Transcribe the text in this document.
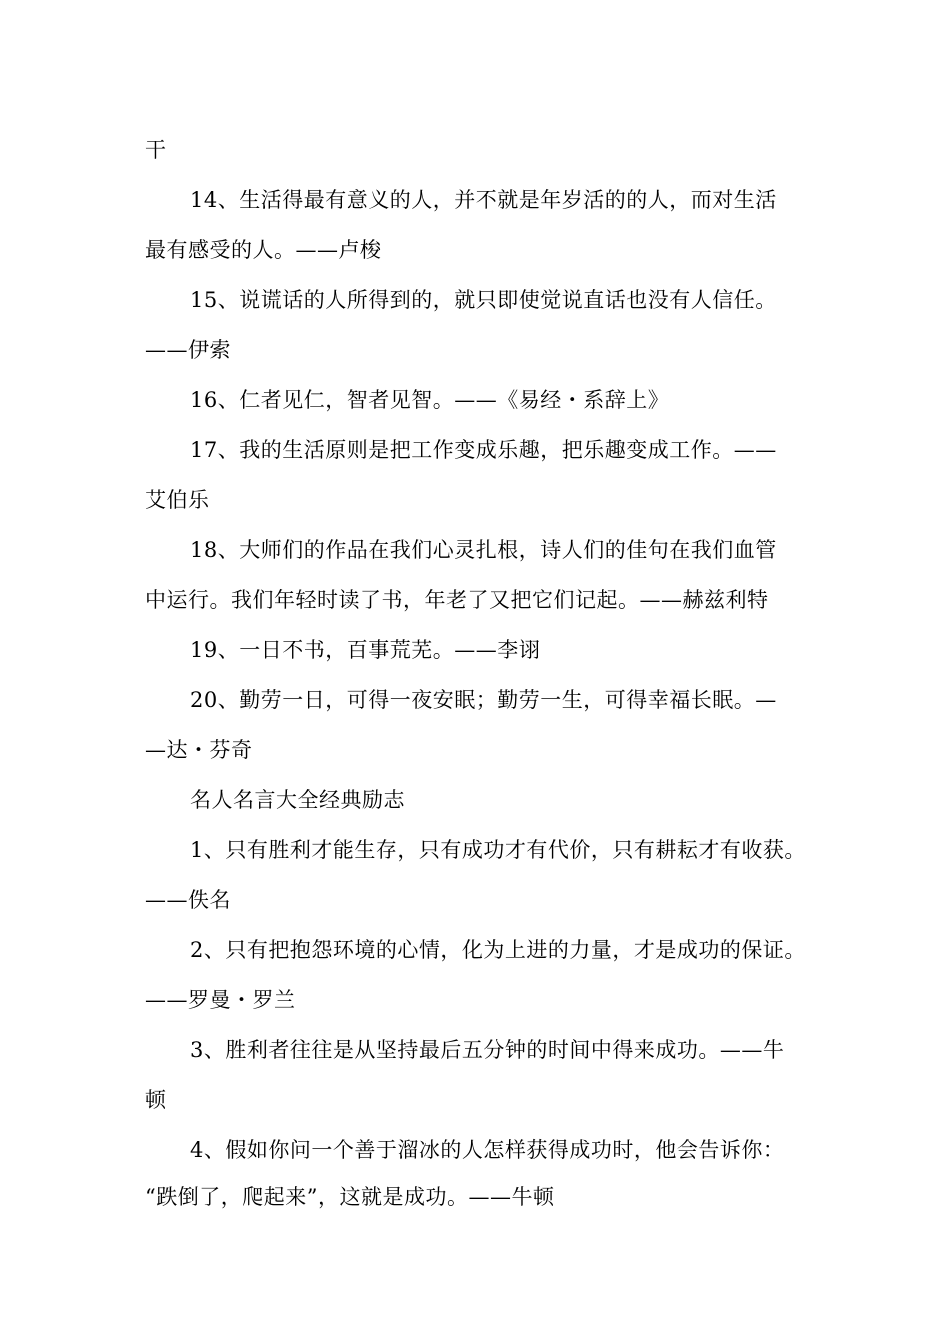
干
14、生活得最有意义的人，并不就是年岁活的的人，而对生活
最有感受的人。——卢梭
15、说谎话的人所得到的，就只即使觉说直话也没有人信任。
——伊索
16、仁者见仁，智者见智。——《易经・系辞上》
17、我的生活原则是把工作变成乐趣，把乐趣变成工作。——
艾伯乐
18、大师们的作品在我们心灵扎根，诗人们的佳句在我们血管
中运行。我们年轻时读了书，年老了又把它们记起。——赫兹利特
19、一日不书，百事荒芜。——李诩
20、勤劳一日，可得一夜安眠；勤劳一生，可得幸福长眠。—
—达・芬奇
名人名言大全经典励志
1、只有胜利才能生存，只有成功才有代价，只有耕耘才有收获。
——佚名
2、只有把抱怨环境的心情，化为上进的力量，才是成功的保证。
——罗曼・罗兰
3、胜利者往往是从坚持最后五分钟的时间中得来成功。——牛
顿
4、假如你问一个善于溜冰的人怎样获得成功时，他会告诉你：
“跌倒了，爬起来”，这就是成功。——牛顿
